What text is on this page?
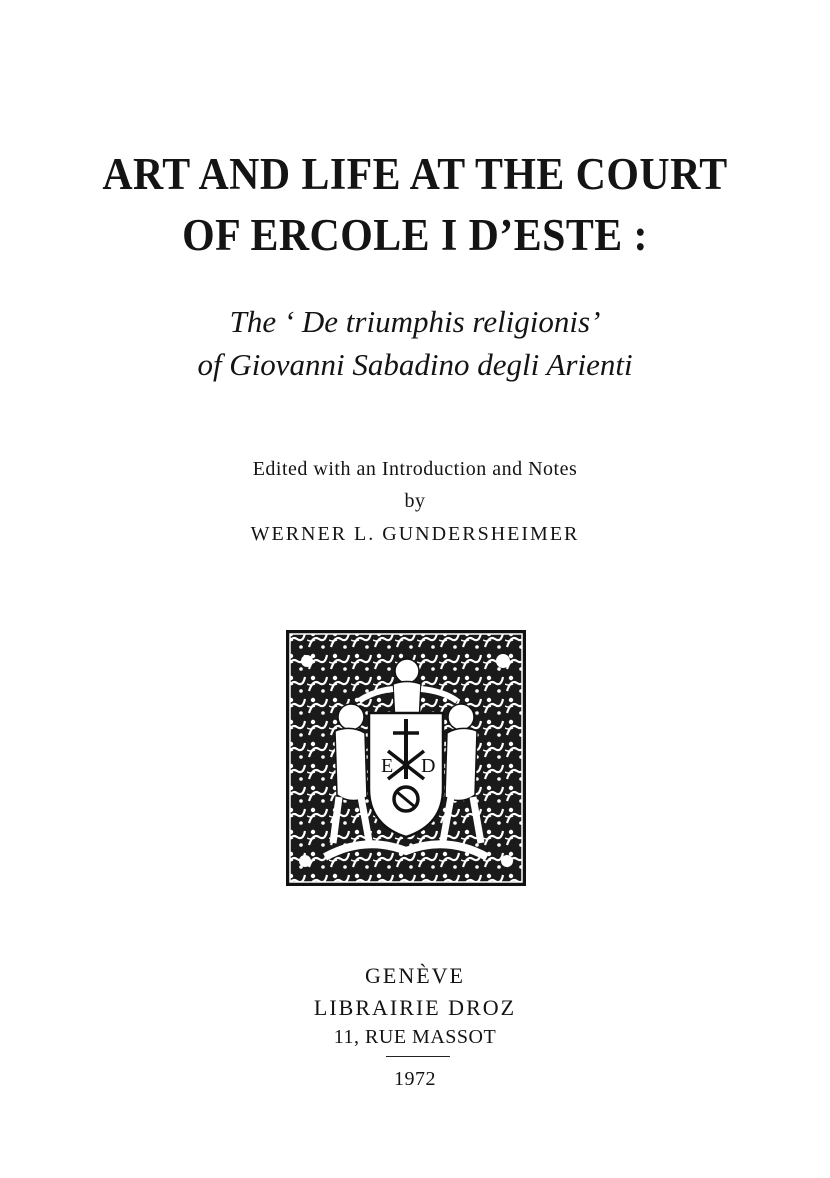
ART AND LIFE AT THE COURT
OF ERCOLE I D’ESTE :
The ‘ De triumphis religionis’
of Giovanni Sabadino degli Arienti
Edited with an Introduction and Notes
by
WERNER L. GUNDERSHEIMER
E D
GENÈVE
LIBRAIRIE DROZ
11, RUE MASSOT
1972
